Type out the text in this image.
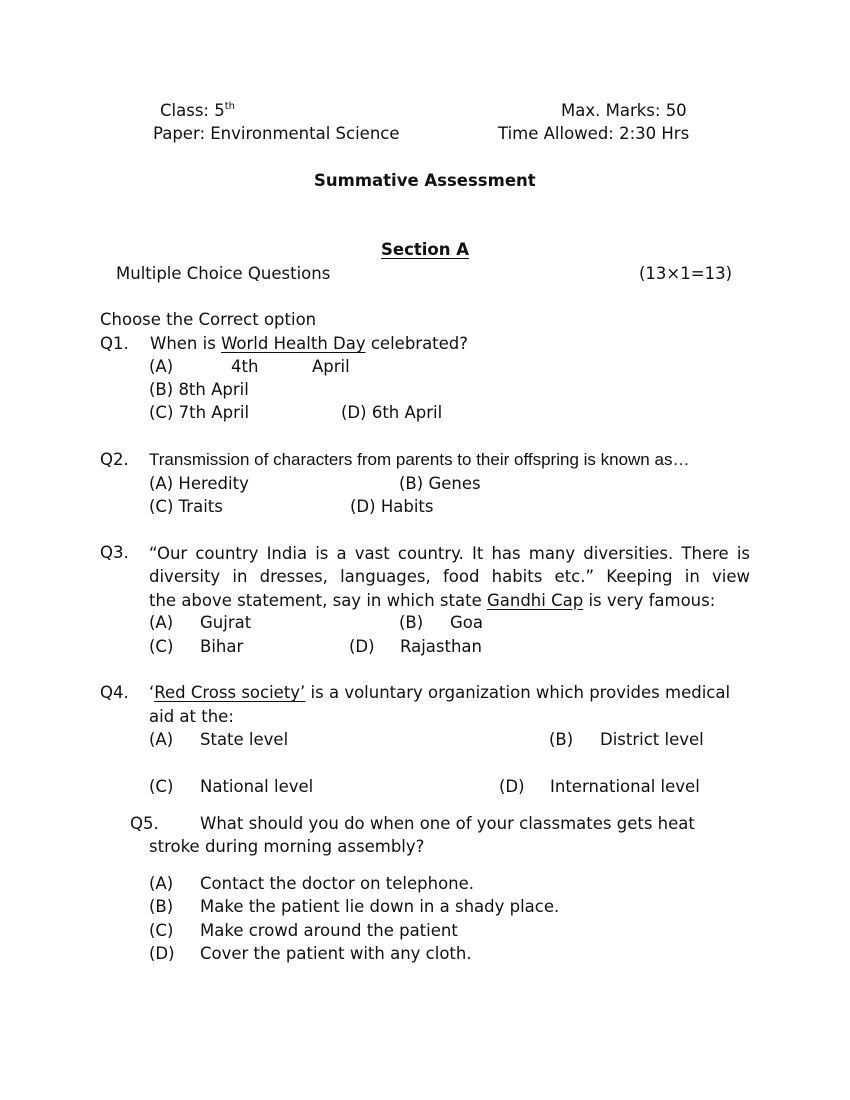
Class: 5th	Max. Marks: 50
Paper: Environmental Science	Time Allowed: 2:30 Hrs
Summative Assessment
Section A
Multiple Choice Questions	(13×1=13)
Choose the Correct option
Q1. When is World Health Day celebrated?
(A)	4th	April
(B) 8th April
(C) 7th April	(D) 6th April
Q2. Transmission of characters from parents to their offspring is known as…
(A) Heredity	(B) Genes
(C) Traits	(D) Habits
Q3. “Our country India is a vast country. It has many diversities. There is
diversity in dresses, languages, food habits etc.” Keeping in view
the above statement, say in which state Gandhi Cap is very famous:
(A) Gujrat	(B) Goa
(C) Bihar	(D) Rajasthan
Q4. ‘Red Cross society’ is a voluntary organization which provides medical
aid at the:
(A) State level	(B) District level
(C) National level	(D) International level
Q5.	What should you do when one of your classmates gets heat
stroke during morning assembly?
(A) Contact the doctor on telephone.
(B) Make the patient lie down in a shady place.
(C) Make crowd around the patient
(D) Cover the patient with any cloth.
